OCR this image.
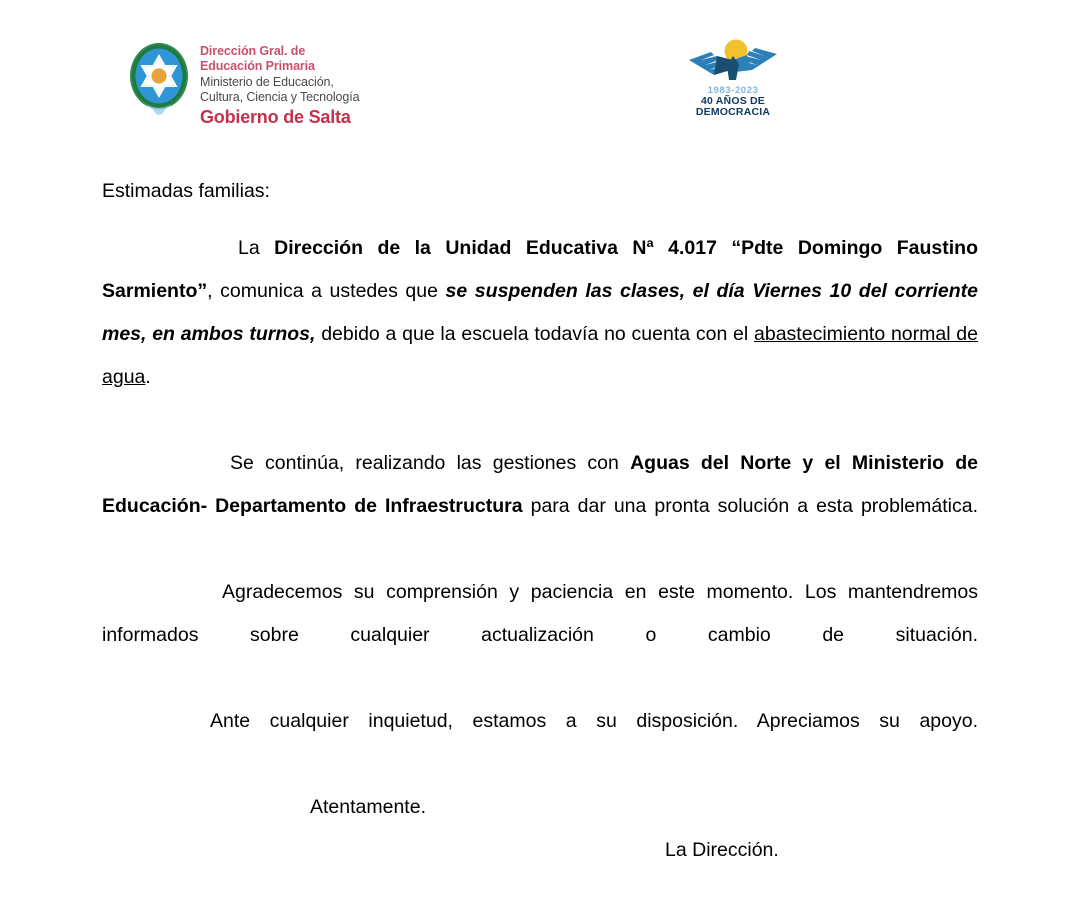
Dirección Gral. de
Educación Primaria
Ministerio de Educación,
Cultura, Ciencia y Tecnología
Gobierno de Salta
1983-2023
40 AÑOS DE
DEMOCRACIA

Estimadas familias:

La Dirección de la Unidad Educativa Nª 4.017 “Pdte Domingo Faustino Sarmiento”, comunica a ustedes que se suspenden las clases, el día Viernes 10 del corriente mes, en ambos turnos, debido a que la escuela todavía no cuenta con el abastecimiento normal de agua.

Se continúa, realizando las gestiones con Aguas del Norte y el Ministerio de Educación- Departamento de Infraestructura para dar una pronta solución a esta problemática.

Agradecemos su comprensión y paciencia en este momento. Los mantendremos informados sobre cualquier actualización o cambio de situación.

Ante cualquier inquietud, estamos a su disposición. Apreciamos su apoyo.

Atentamente.

La Dirección.
